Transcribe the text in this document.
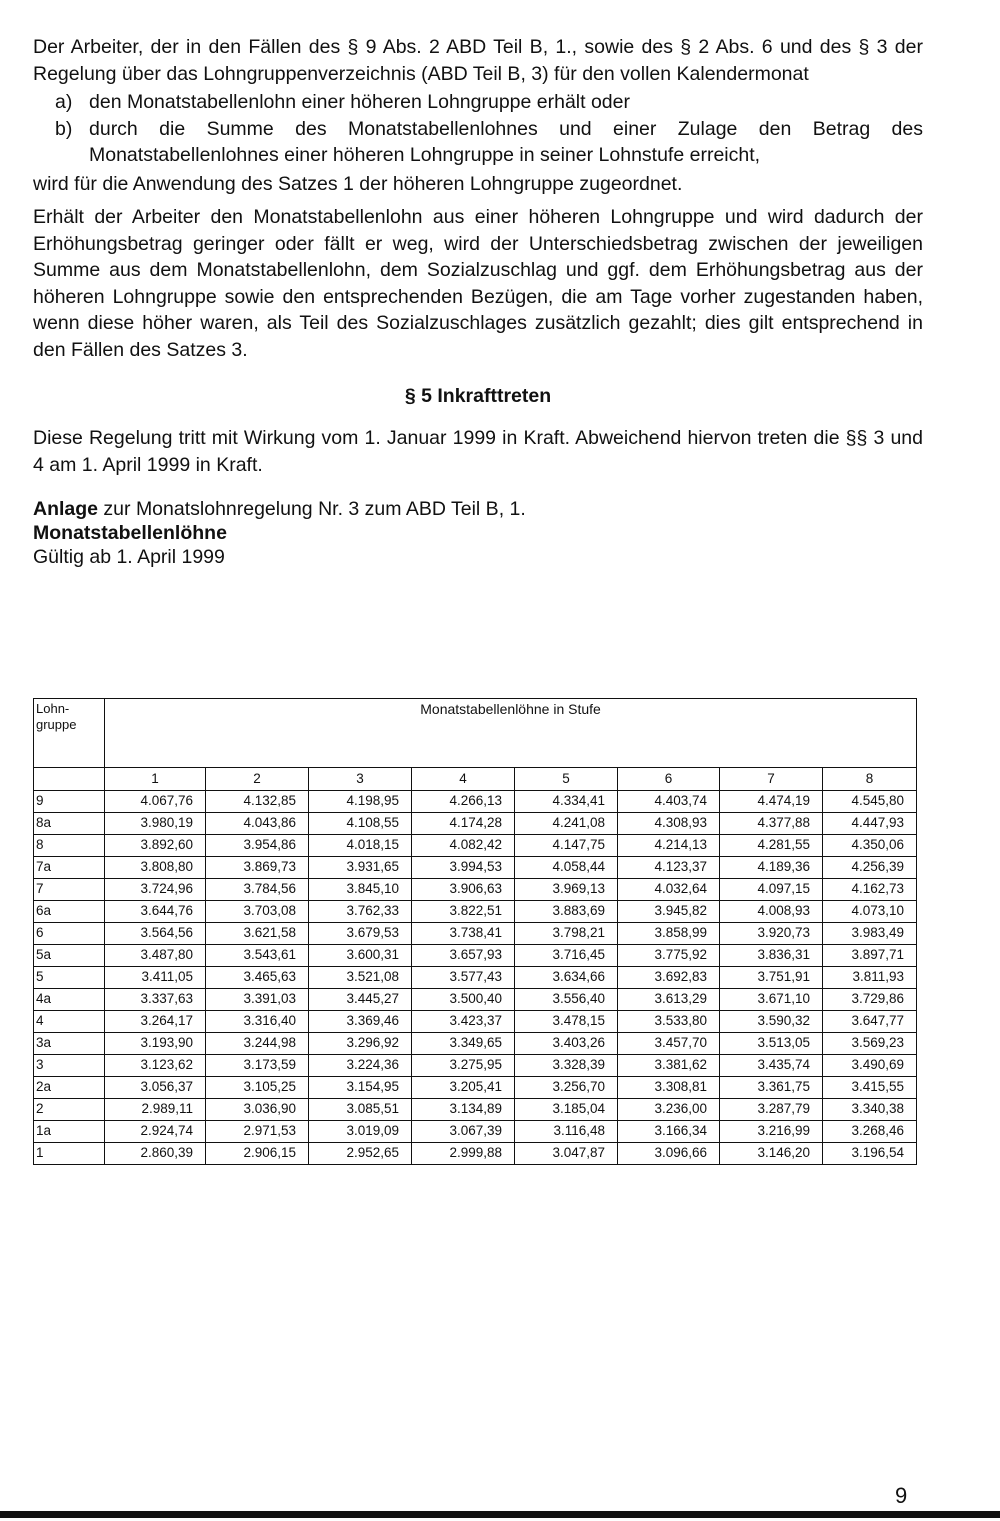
Der Arbeiter, der in den Fällen des § 9 Abs. 2 ABD Teil B, 1., sowie des § 2 Abs. 6 und des § 3 der Regelung über das Lohngruppenverzeichnis (ABD Teil B, 3) für den vollen Kalendermonat

a) den Monatstabellenlohn einer höheren Lohngruppe erhält oder
b) durch die Summe des Monatstabellenlohnes und einer Zulage den Betrag des Monatstabellenlohnes einer höheren Lohngruppe in seiner Lohnstufe erreicht,

wird für die Anwendung des Satzes 1 der höheren Lohngruppe zugeordnet.

Erhält der Arbeiter den Monatstabellenlohn aus einer höheren Lohngruppe und wird dadurch der Erhöhungsbetrag geringer oder fällt er weg, wird der Unterschiedsbetrag zwischen der jeweiligen Summe aus dem Monatstabellenlohn, dem Sozialzuschlag und ggf. dem Erhöhungsbetrag aus der höheren Lohngruppe sowie den entsprechenden Bezügen, die am Tage vorher zugestanden haben, wenn diese höher waren, als Teil des Sozialzuschlages zusätzlich gezahlt; dies gilt entsprechend in den Fällen des Satzes 3.

§ 5 Inkrafttreten

Diese Regelung tritt mit Wirkung vom 1. Januar 1999 in Kraft. Abweichend hiervon treten die §§ 3 und 4 am 1. April 1999 in Kraft.

Anlage zur Monatslohnregelung Nr. 3 zum ABD Teil B, 1.
Monatstabellenlöhne
Gültig ab 1. April 1999
Lohn-gruppe	Monatstabellenlöhne in Stufe							
	1	2	3	4	5	6	7	8
9	4.067,76	4.132,85	4.198,95	4.266,13	4.334,41	4.403,74	4.474,19	4.545,80
8a	3.980,19	4.043,86	4.108,55	4.174,28	4.241,08	4.308,93	4.377,88	4.447,93
8	3.892,60	3.954,86	4.018,15	4.082,42	4.147,75	4.214,13	4.281,55	4.350,06
7a	3.808,80	3.869,73	3.931,65	3.994,53	4.058,44	4.123,37	4.189,36	4.256,39
7	3.724,96	3.784,56	3.845,10	3.906,63	3.969,13	4.032,64	4.097,15	4.162,73
6a	3.644,76	3.703,08	3.762,33	3.822,51	3.883,69	3.945,82	4.008,93	4.073,10
6	3.564,56	3.621,58	3.679,53	3.738,41	3.798,21	3.858,99	3.920,73	3.983,49
5a	3.487,80	3.543,61	3.600,31	3.657,93	3.716,45	3.775,92	3.836,31	3.897,71
5	3.411,05	3.465,63	3.521,08	3.577,43	3.634,66	3.692,83	3.751,91	3.811,93
4a	3.337,63	3.391,03	3.445,27	3.500,40	3.556,40	3.613,29	3.671,10	3.729,86
4	3.264,17	3.316,40	3.369,46	3.423,37	3.478,15	3.533,80	3.590,32	3.647,77
3a	3.193,90	3.244,98	3.296,92	3.349,65	3.403,26	3.457,70	3.513,05	3.569,23
3	3.123,62	3.173,59	3.224,36	3.275,95	3.328,39	3.381,62	3.435,74	3.490,69
2a	3.056,37	3.105,25	3.154,95	3.205,41	3.256,70	3.308,81	3.361,75	3.415,55
2	2.989,11	3.036,90	3.085,51	3.134,89	3.185,04	3.236,00	3.287,79	3.340,38
1a	2.924,74	2.971,53	3.019,09	3.067,39	3.116,48	3.166,34	3.216,99	3.268,46
1	2.860,39	2.906,15	2.952,65	2.999,88	3.047,87	3.096,66	3.146,20	3.196,54
9
